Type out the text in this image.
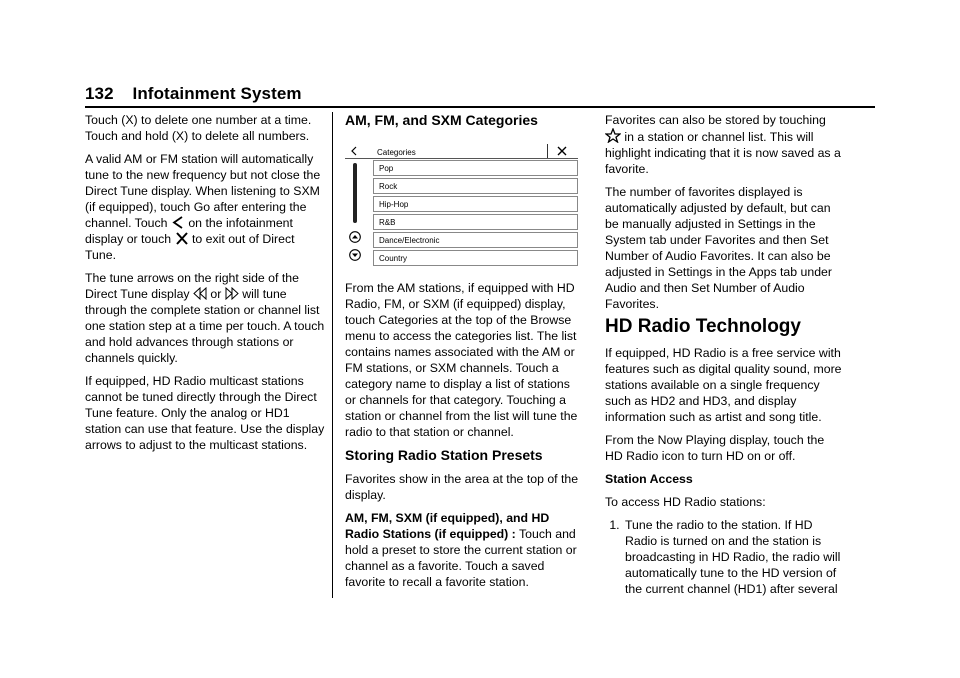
132 Infotainment System

Touch (X) to delete one number at a time. Touch and hold (X) to delete all numbers.

A valid AM or FM station will automatically tune to the new frequency but not close the Direct Tune display. When listening to SXM (if equipped), touch Go after entering the channel. Touch on the infotainment display or touch to exit out of Direct Tune.

The tune arrows on the right side of the Direct Tune display or will tune through the complete station or channel list one station step at a time per touch. A touch and hold advances through stations or channels quickly.

If equipped, HD Radio multicast stations cannot be tuned directly through the Direct Tune feature. Only the analog or HD1 station can use that feature. Use the display arrows to adjust to the multicast stations.

AM, FM, and SXM Categories
Categories
Pop
Rock
Hip-Hop
R&B
Dance/Electronic
Country

From the AM stations, if equipped with HD Radio, FM, or SXM (if equipped) display, touch Categories at the top of the Browse menu to access the categories list. The list contains names associated with the AM or FM stations, or SXM channels. Touch a category name to display a list of stations or channels for that category. Touching a station or channel from the list will tune the radio to that station or channel.

Storing Radio Station Presets

Favorites show in the area at the top of the display.

AM, FM, SXM (if equipped), and HD Radio Stations (if equipped) : Touch and hold a preset to store the current station or channel as a favorite. Touch a saved favorite to recall a favorite station.

Favorites can also be stored by touching
in a station or channel list. This will highlight indicating that it is now saved as a favorite.

The number of favorites displayed is automatically adjusted by default, but can be manually adjusted in Settings in the System tab under Favorites and then Set Number of Audio Favorites. It can also be adjusted in Settings in the Apps tab under Audio and then Set Number of Audio Favorites.

HD Radio Technology

If equipped, HD Radio is a free service with features such as digital quality sound, more stations available on a single frequency such as HD2 and HD3, and display information such as artist and song title.

From the Now Playing display, touch the HD Radio icon to turn HD on or off.

Station Access

To access HD Radio stations:

1. Tune the radio to the station. If HD Radio is turned on and the station is broadcasting in HD Radio, the radio will automatically tune to the HD version of the current channel (HD1) after several
